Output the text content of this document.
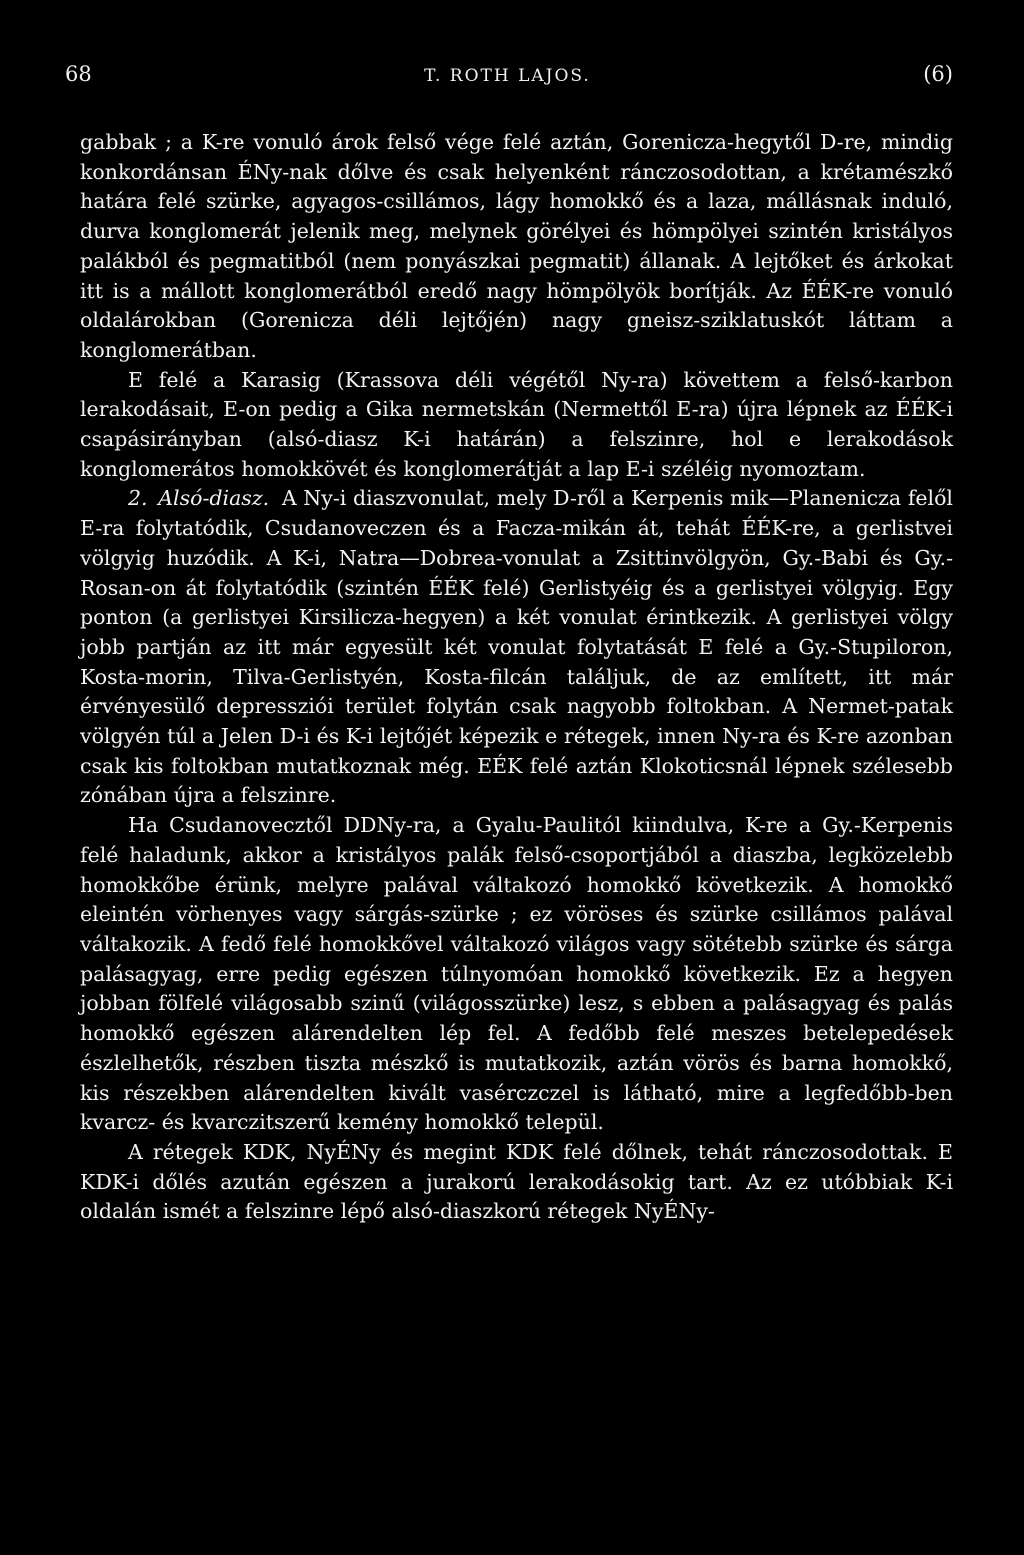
68	T. ROTH LAJOS.	(6)

gabbak ; a K-re vonuló árok felső vége felé aztán, Gorenicza-hegytől D-re, mindig konkordánsan ÉNy-nak dőlve és csak helyenként ránczosodottan, a krétamészkő határa felé szürke, agyagos-csillámos, lágy homokkő és a laza, mállásnak induló, durva konglomerát jelenik meg, melynek görélyei és hömpölyei szintén kristályos palákból és pegmatitból (nem ponyászkai pegmatit) állanak. A lejtőket és árkokat itt is a mállott konglomerátból eredő nagy hömpölyök borítják. Az ÉÉK-re vonuló oldalárokban (Gorenicza déli lejtőjén) nagy gneisz-sziklatuskót láttam a konglomerátban.

E felé a Karasig (Krassova déli végétől Ny-ra) követtem a felső-karbon lerakodásait, E-on pedig a Gika nermetskán (Nermettől E-ra) újra lépnek az ÉÉK-i csapásirányban (alsó-diasz K-i határán) a felszinre, hol e lerakodások konglomerátos homokkövét és konglomerátját a lap E-i széléig nyomoztam.

2. Alsó-diasz. A Ny-i diaszvonulat, mely D-ről a Kerpenis mik—Planenicza felől E-ra folytatódik, Csudanoveczen és a Facza-mikán át, tehát ÉÉK-re, a gerlistvei völgyig huzódik. A K-i, Natra—Dobrea-vonulat a Zsittinvölgyön, Gy.-Babi és Gy.-Rosan-on át folytatódik (szintén ÉÉK felé) Gerlistyéig és a gerlistyei völgyig. Egy ponton (a gerlistyei Kirsilicza-hegyen) a két vonulat érintkezik. A gerlistyei völgy jobb partján az itt már egyesült két vonulat folytatását E felé a Gy.-Stupiloron, Kosta-morin, Tilva-Gerlistyén, Kosta-filcán találjuk, de az említett, itt már érvényesülő depressziói terület folytán csak nagyobb foltokban. A Nermet-patak völgyén túl a Jelen D-i és K-i lejtőjét képezik e rétegek, innen Ny-ra és K-re azonban csak kis foltokban mutatkoznak még. EÉK felé aztán Klokoticsnál lépnek szélesebb zónában újra a felszinre.

Ha Csudanovecztől DDNy-ra, a Gyalu-Paulitól kiindulva, K-re a Gy.-Kerpenis felé haladunk, akkor a kristályos palák felső-csoportjából a diaszba, legközelebb homokkőbe érünk, melyre palával váltakozó homokkő következik. A homokkő eleintén vörhenyes vagy sárgás-szürke ; ez vöröses és szürke csillámos palával váltakozik. A fedő felé homokkővel váltakozó világos vagy sötétebb szürke és sárga palásagyag, erre pedig egészen túlnyomóan homokkő következik. Ez a hegyen jobban fölfelé világosabb szinű (világosszürke) lesz, s ebben a palásagyag és palás homokkő egészen alárendelten lép fel. A fedőbb felé meszes betelepedések észlelhetők, részben tiszta mészkő is mutatkozik, aztán vörös és barna homokkő, kis részekben alárendelten kivált vasérczczel is látható, mire a legfedőbb-ben kvarcz- és kvarczitszerű kemény homokkő települ.

A rétegek KDK, NyÉNy és megint KDK felé dőlnek, tehát ránczosodottak. E KDK-i dőlés azután egészen a jurakorú lerakodásokig tart. Az ez utóbbiak K-i oldalán ismét a felszinre lépő alsó-diaszkorú rétegek NyÉNy-
